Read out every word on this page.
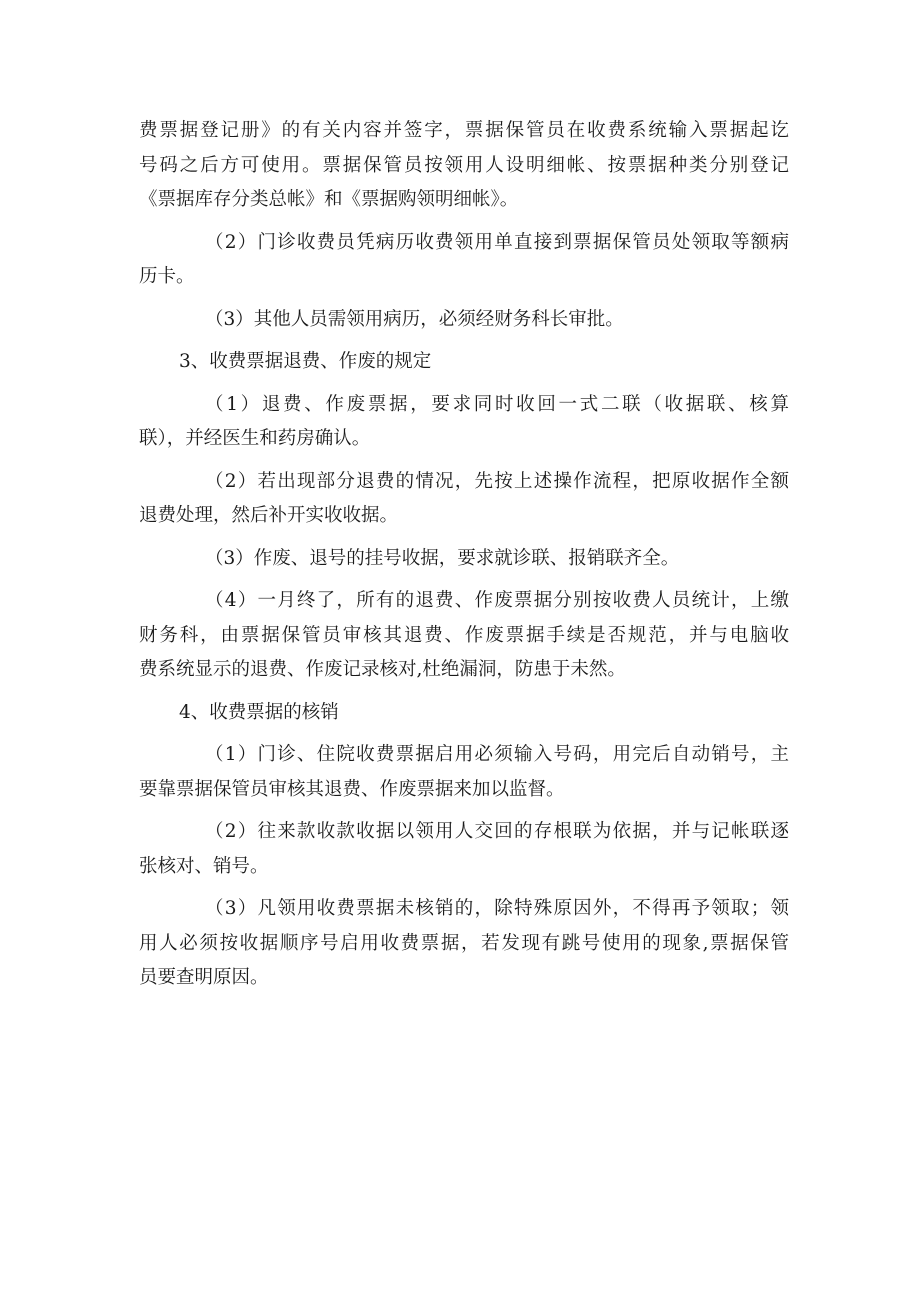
费票据登记册》的有关内容并签字，票据保管员在收费系统输入票据起讫
号码之后方可使用。票据保管员按领用人设明细帐、按票据种类分别登记
《票据库存分类总帐》和《票据购领明细帐》。
（2）门诊收费员凭病历收费领用单直接到票据保管员处领取等额病
历卡。
（3）其他人员需领用病历，必须经财务科长审批。
3、收费票据退费、作废的规定
（1）退费、作废票据，要求同时收回一式二联（收据联、核算
联），并经医生和药房确认。
（2）若出现部分退费的情况，先按上述操作流程，把原收据作全额
退费处理，然后补开实收收据。
（3）作废、退号的挂号收据，要求就诊联、报销联齐全。
（4）一月终了，所有的退费、作废票据分别按收费人员统计，上缴
财务科，由票据保管员审核其退费、作废票据手续是否规范，并与电脑收
费系统显示的退费、作废记录核对,杜绝漏洞，防患于未然。
4、收费票据的核销
（1）门诊、住院收费票据启用必须输入号码，用完后自动销号，主
要靠票据保管员审核其退费、作废票据来加以监督。
（2）往来款收款收据以领用人交回的存根联为依据，并与记帐联逐
张核对、销号。
（3）凡领用收费票据未核销的，除特殊原因外，不得再予领取；领
用人必须按收据顺序号启用收费票据，若发现有跳号使用的现象,票据保管
员要查明原因。
